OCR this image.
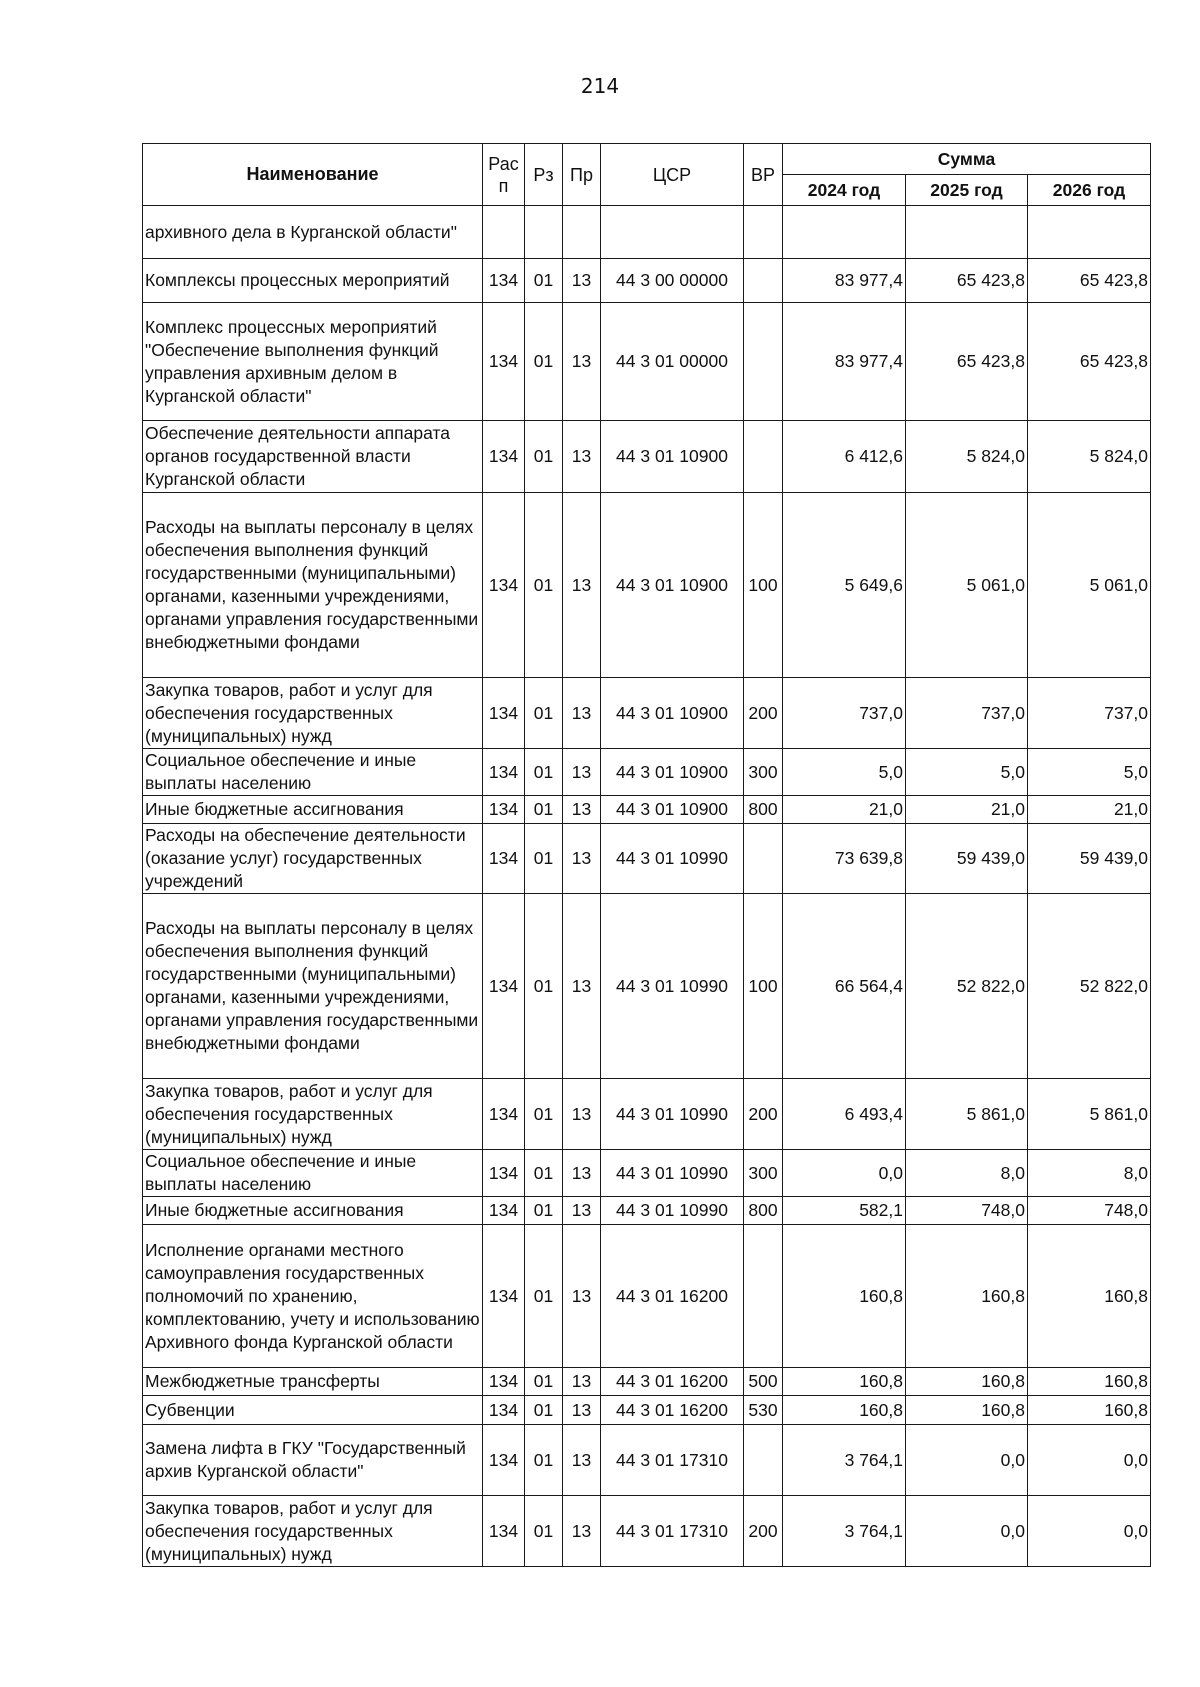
214
Наименование	Рас п	Рз	Пр	ЦСР	ВР	Сумма		
						2024 год	2025 год	2026 год
архивного дела в Курганской области"								
Комплексы процессных мероприятий	134	01	13	44 3 00 00000		83 977,4	65 423,8	65 423,8
Комплекс процессных мероприятий "Обеспечение выполнения функций управления архивным делом в Курганской области"	134	01	13	44 3 01 00000		83 977,4	65 423,8	65 423,8
Обеспечение деятельности аппарата органов государственной власти Курганской области	134	01	13	44 3 01 10900		6 412,6	5 824,0	5 824,0
Расходы на выплаты персоналу в целях обеспечения выполнения функций государственными (муниципальными) органами, казенными учреждениями, органами управления государственными внебюджетными фондами	134	01	13	44 3 01 10900	100	5 649,6	5 061,0	5 061,0
Закупка товаров, работ и услуг для обеспечения государственных (муниципальных) нужд	134	01	13	44 3 01 10900	200	737,0	737,0	737,0
Социальное обеспечение и иные выплаты населению	134	01	13	44 3 01 10900	300	5,0	5,0	5,0
Иные бюджетные ассигнования	134	01	13	44 3 01 10900	800	21,0	21,0	21,0
Расходы на обеспечение деятельности (оказание услуг) государственных учреждений	134	01	13	44 3 01 10990		73 639,8	59 439,0	59 439,0
Расходы на выплаты персоналу в целях обеспечения выполнения функций государственными (муниципальными) органами, казенными учреждениями, органами управления государственными внебюджетными фондами	134	01	13	44 3 01 10990	100	66 564,4	52 822,0	52 822,0
Закупка товаров, работ и услуг для обеспечения государственных (муниципальных) нужд	134	01	13	44 3 01 10990	200	6 493,4	5 861,0	5 861,0
Социальное обеспечение и иные выплаты населению	134	01	13	44 3 01 10990	300	0,0	8,0	8,0
Иные бюджетные ассигнования	134	01	13	44 3 01 10990	800	582,1	748,0	748,0
Исполнение органами местного самоуправления государственных полномочий по хранению, комплектованию, учету и использованию Архивного фонда Курганской области	134	01	13	44 3 01 16200		160,8	160,8	160,8
Межбюджетные трансферты	134	01	13	44 3 01 16200	500	160,8	160,8	160,8
Субвенции	134	01	13	44 3 01 16200	530	160,8	160,8	160,8
Замена лифта в ГКУ "Государственный архив Курганской области"	134	01	13	44 3 01 17310		3 764,1	0,0	0,0
Закупка товаров, работ и услуг для обеспечения государственных (муниципальных) нужд	134	01	13	44 3 01 17310	200	3 764,1	0,0	0,0
